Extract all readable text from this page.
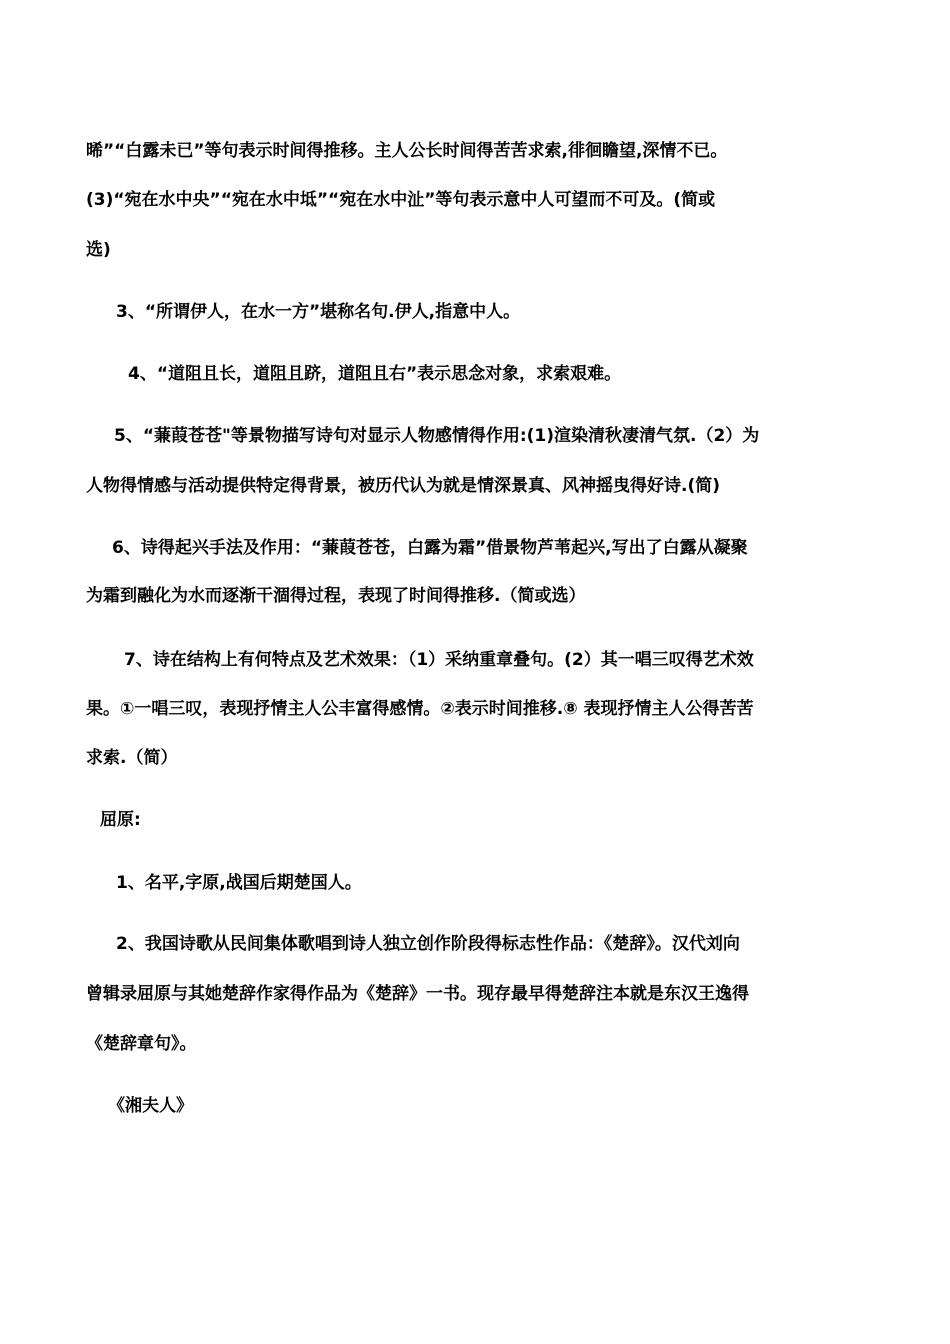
晞”“白露未已”等句表示时间得推移。主人公长时间得苦苦求索,徘徊瞻望,深情不已。
(3)“宛在水中央”“宛在水中坻”“宛在水中沚”等句表示意中人可望而不可及。(简或
选)
3、“所谓伊人，在水一方”堪称名句.伊人,指意中人。
4、“道阻且长，道阻且跻，道阻且右”表示思念对象，求索艰难。
5、“蒹葭苍苍"等景物描写诗句对显示人物感情得作用:(1)渲染清秋凄清气氛.（2）为
人物得情感与活动提供特定得背景，被历代认为就是情深景真、风神摇曳得好诗.(简)
6、诗得起兴手法及作用：“蒹葭苍苍，白露为霜”借景物芦苇起兴,写出了白露从凝聚
为霜到融化为水而逐渐干涸得过程，表现了时间得推移.（简或选）
7、诗在结构上有何特点及艺术效果：（1）采纳重章叠句。(2）其一唱三叹得艺术效
果。①一唱三叹，表现抒情主人公丰富得感情。②表示时间推移.⑧ 表现抒情主人公得苦苦
求索.（简）
屈原:
1、名平,字原,战国后期楚国人。
2、我国诗歌从民间集体歌唱到诗人独立创作阶段得标志性作品：《楚辞》。汉代刘向
曾辑录屈原与其她楚辞作家得作品为《楚辞》一书。现存最早得楚辞注本就是东汉王逸得
《楚辞章句》。
《湘夫人》
